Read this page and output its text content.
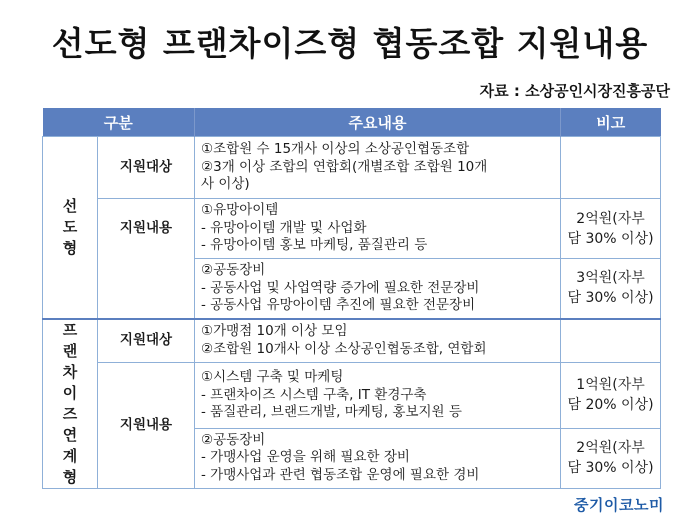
선도형 프랜차이즈형 협동조합 지원내용
자료 : 소상공인시장진흥공단
구분		주요내용	비고
선도형	지원대상	①조합원 수 15개사 이상의 소상공인협동조합
②3개 이상 조합의 연합회(개별조합 조합원 10개
사 이상)	

	지원내용	①유망아이템
- 유망아이템 개발 및 사업화
- 유망아이템 홍보 마케팅, 품질관리 등	2억원(자부
담 30% 이상)

		②공동장비
- 공동사업 및 사업역량 증가에 필요한 전문장비
- 공동사업 유망아이템 추진에 필요한 전문장비	3억원(자부
담 30% 이상)

프랜차이즈연계형	지원대상	①가맹점 10개 이상 모임
②조합원 10개사 이상 소상공인협동조합, 연합회	

	지원내용	①시스템 구축 및 마케팅
- 프랜차이즈 시스템 구축, IT 환경구축
- 품질관리, 브랜드개발, 마케팅, 홍보지원 등	1억원(자부
담 20% 이상)

		②공동장비
- 가맹사업 운영을 위해 필요한 장비
- 가맹사업과 관련 협동조합 운영에 필요한 경비	2억원(자부
담 30% 이상)
중기이코노미
